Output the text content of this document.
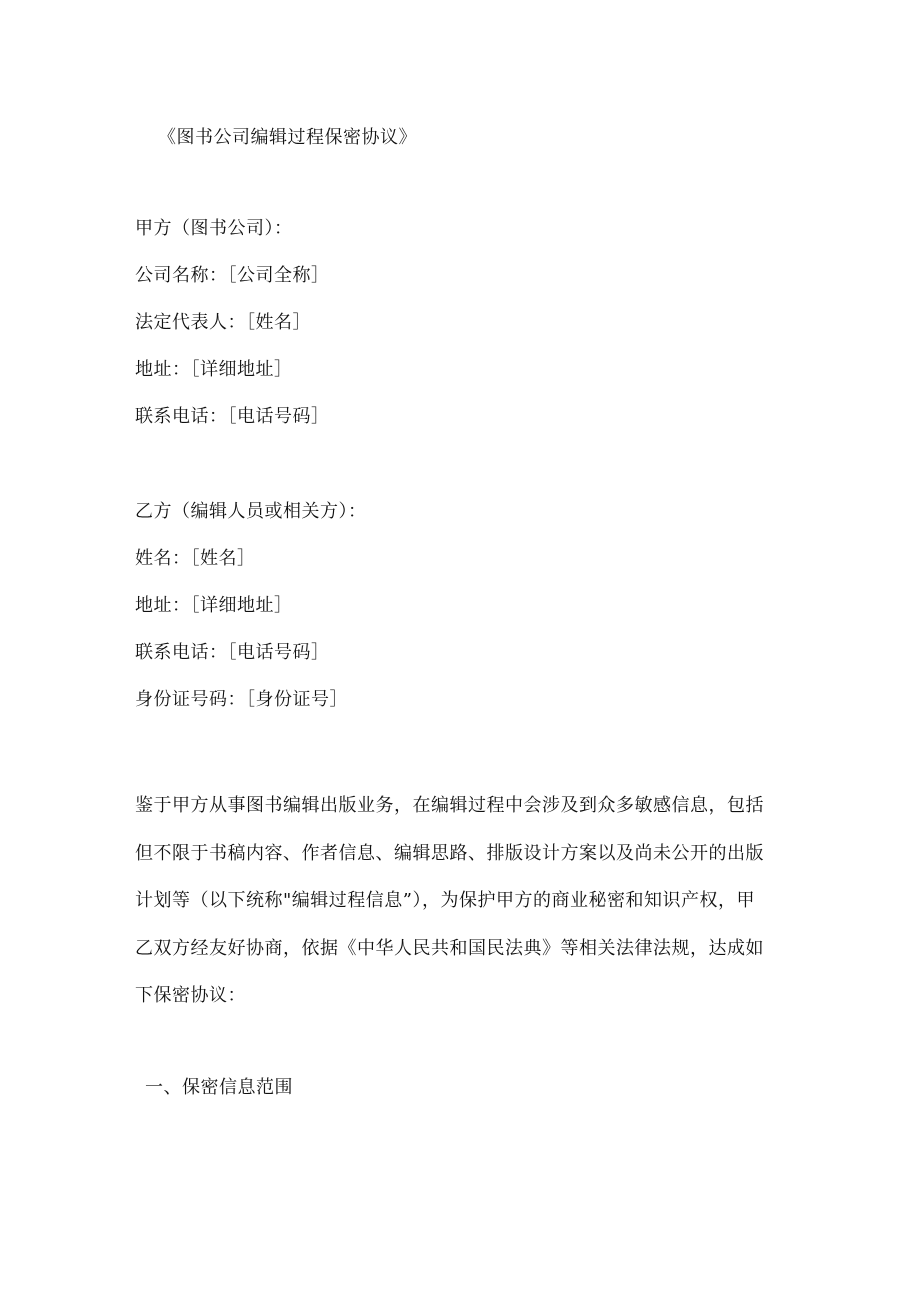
《图书公司编辑过程保密协议》
甲方（图书公司）：
公司名称：［公司全称］
法定代表人：［姓名］
地址：［详细地址］
联系电话：［电话号码］
乙方（编辑人员或相关方）：
姓名：［姓名］
地址：［详细地址］
联系电话：［电话号码］
身份证号码：［身份证号］
鉴于甲方从事图书编辑出版业务，在编辑过程中会涉及到众多敏感信息，包括
但不限于书稿内容、作者信息、编辑思路、排版设计方案以及尚未公开的出版
计划等（以下统称"编辑过程信息”），为保护甲方的商业秘密和知识产权，甲
乙双方经友好协商，依据《中华人民共和国民法典》等相关法律法规，达成如
下保密协议：
一、保密信息范围
